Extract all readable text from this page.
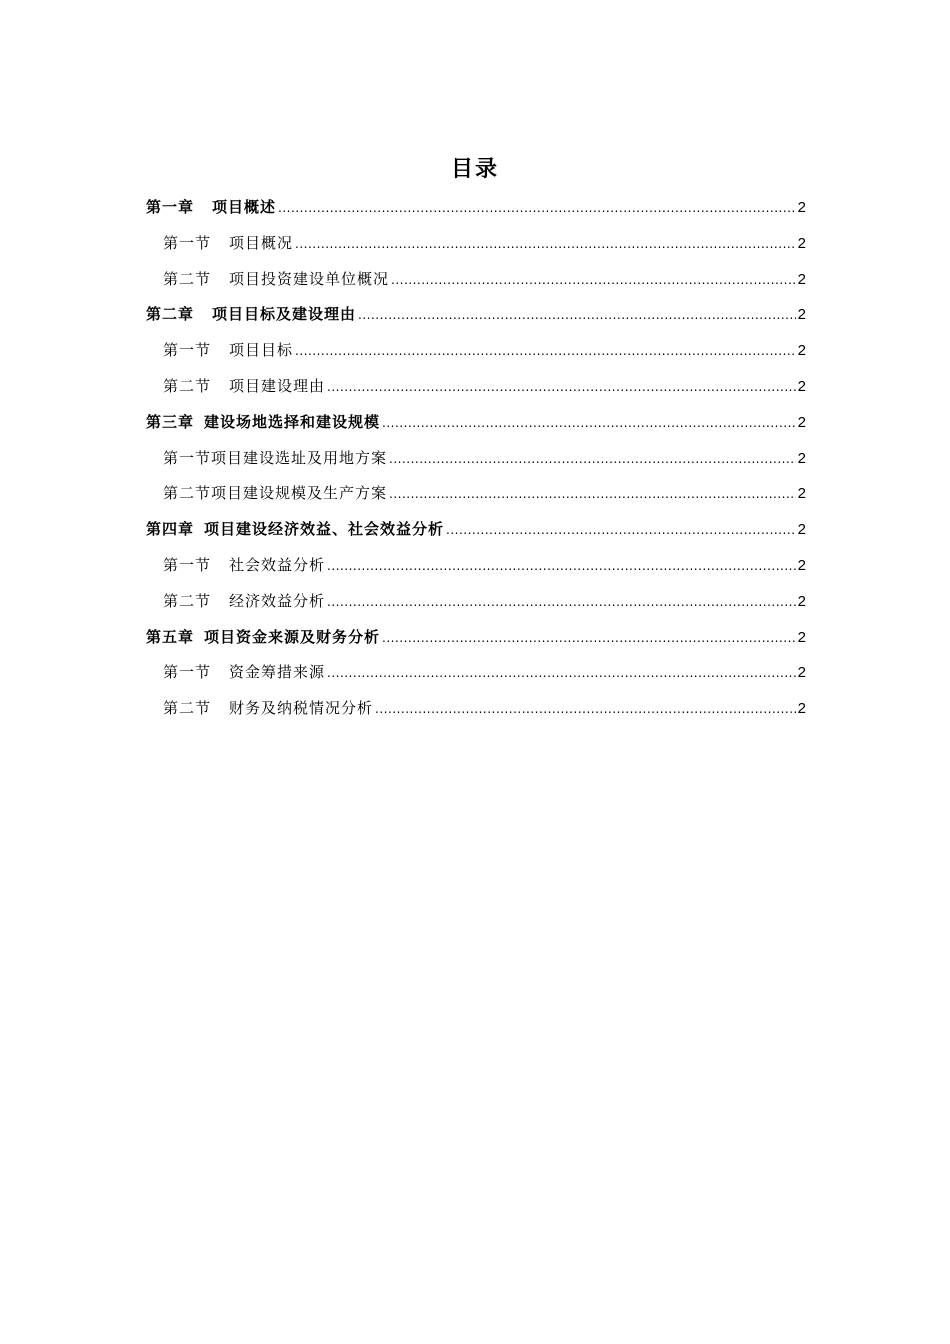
目录
第一章 项目概述 .....	2
第一节 项目概况 .....	2
第二节 项目投资建设单位概况 .....	2
第二章 项目目标及建设理由 .....	2
第一节 项目目标 .....	2
第二节 项目建设理由 .....	2
第三章 建设场地选择和建设规模 .....	2
第一节项目建设选址及用地方案 .....	2
第二节项目建设规模及生产方案 .....	2
第四章 项目建设经济效益、社会效益分析 .....	2
第一节 社会效益分析 .....	2
第二节 经济效益分析 .....	2
第五章 项目资金来源及财务分析 .....	2
第一节 资金筹措来源 .....	2
第二节 财务及纳税情况分析 .....	2
